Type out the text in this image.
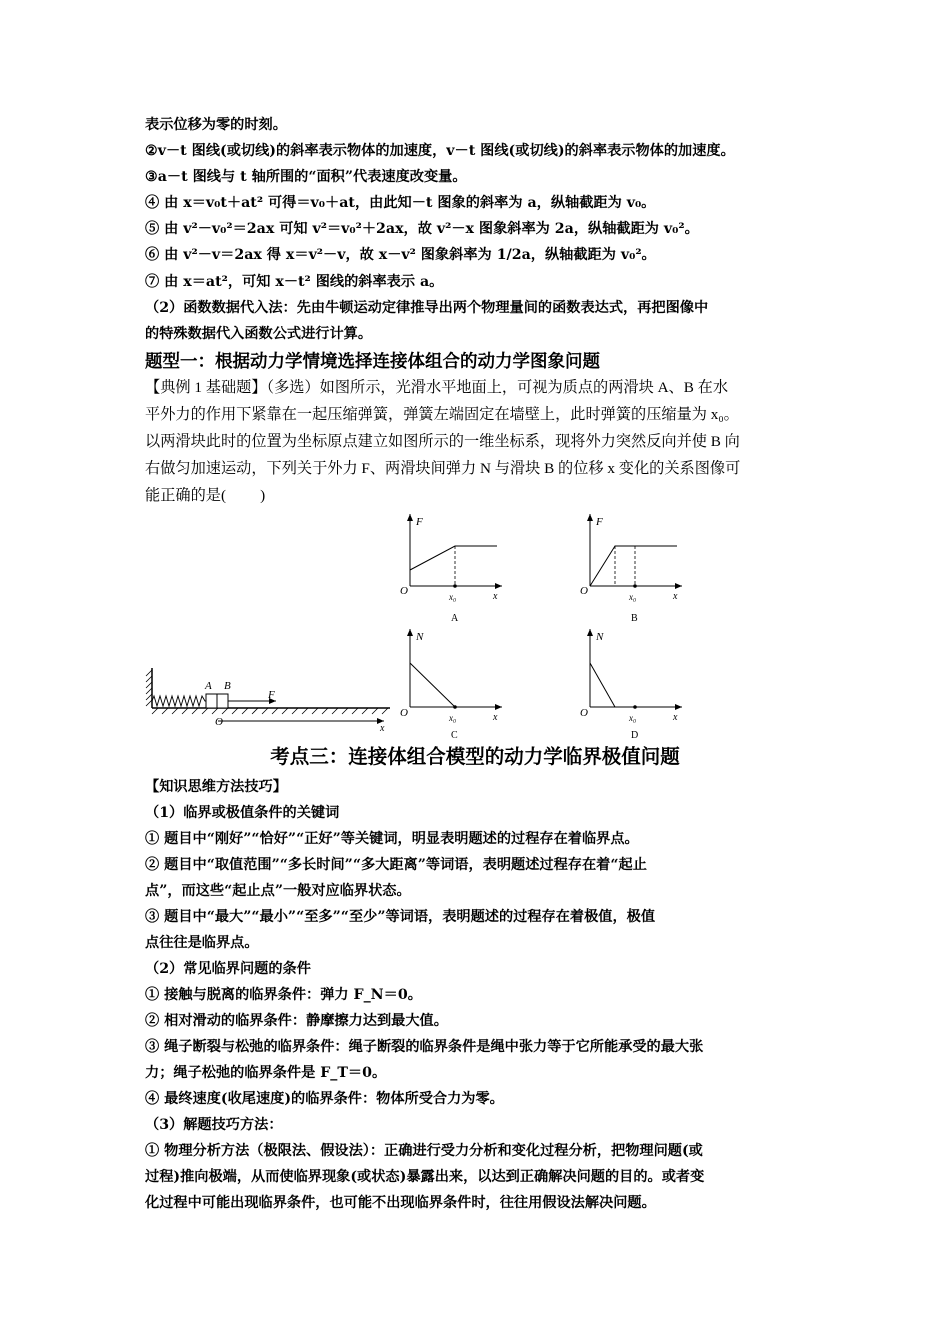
表示位移为零的时刻。
②v－t 图线(或切线)的斜率表示物体的加速度，v－t 图线(或切线)的斜率表示物体的加速度。
③a－t 图线与 t 轴所围的“面积”代表速度改变量。
④ 由 x＝v₀t＋at² 可得＝v₀＋at，由此知－t 图象的斜率为 a，纵轴截距为 v₀。
⑤ 由 v²－v₀²＝2ax 可知 v²＝v₀²＋2ax，故 v²－x 图象斜率为 2a，纵轴截距为 v₀²。
⑥ 由 v²－v＝2ax 得 x＝v²－v，故 x－v² 图象斜率为 1/2a，纵轴截距为 v₀²。
⑦ 由 x＝at²，可知 x－t² 图线的斜率表示 a。
（2）函数数据代入法：先由牛顿运动定律推导出两个物理量间的函数表达式，再把图像中
的特殊数据代入函数公式进行计算。
题型一：根据动力学情境选择连接体组合的动力学图象问题
【典例 1 基础题】（多选）如图所示，光滑水平地面上，可视为质点的两滑块 A、B 在水
平外力的作用下紧靠在一起压缩弹簧，弹簧左端固定在墙壁上，此时弹簧的压缩量为 x₀。
以两滑块此时的位置为坐标原点建立如图所示的一维坐标系，现将外力突然反向并使 B 向
右做匀加速运动，下列关于外力 F、两滑块间弹力 N 与滑块 B 的位移 x 变化的关系图像可
能正确的是(　　 )
A B
F
O
x
F
O	x
x₀
A
F
O	x
x₀
B
N
O	x
x₀
C
N
O	x
x₀
D
考点三：连接体组合模型的动力学临界极值问题
【知识思维方法技巧】
（1）临界或极值条件的关键词
① 题目中“刚好”“恰好”“正好”等关键词，明显表明题述的过程存在着临界点。
② 题目中“取值范围”“多长时间”“多大距离”等词语，表明题述过程存在着“起止
点”，而这些“起止点”一般对应临界状态。
③ 题目中“最大”“最小”“至多”“至少”等词语，表明题述的过程存在着极值，极值
点往往是临界点。
（2）常见临界问题的条件
① 接触与脱离的临界条件：弹力 F_N＝0。
② 相对滑动的临界条件：静摩擦力达到最大值。
③ 绳子断裂与松弛的临界条件：绳子断裂的临界条件是绳中张力等于它所能承受的最大张
力；绳子松弛的临界条件是 F_T＝0。
④ 最终速度(收尾速度)的临界条件：物体所受合力为零。
（3）解题技巧方法：
① 物理分析方法（极限法、假设法）：正确进行受力分析和变化过程分析，把物理问题(或
过程)推向极端，从而使临界现象(或状态)暴露出来，以达到正确解决问题的目的。或者变
化过程中可能出现临界条件，也可能不出现临界条件时，往往用假设法解决问题。
